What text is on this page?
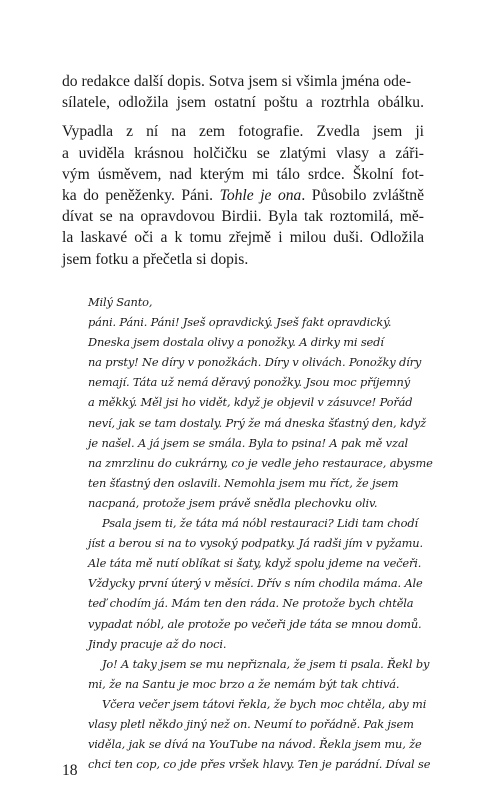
do redakce další dopis. Sotva jsem si všimla jména ode-
sílatele, odložila jsem ostatní poštu a roztrhla obálku.
Vypadla z ní na zem fotografie. Zvedla jsem ji
a uviděla krásnou holčičku se zlatými vlasy a záři-
vým úsměvem, nad kterým mi tálo srdce. Školní fot-
ka do peněženky. Páni. Tohle je ona. Působilo zvláštně
dívat se na opravdovou Birdii. Byla tak roztomilá, mě-
la laskavé oči a k tomu zřejmě i milou duši. Odložila
jsem fotku a přečetla si dopis.
Milý Santo,
páni. Páni. Páni! Jseš opravdický. Jseš fakt opravdický.
Dneska jsem dostala olivy a ponožky. A dirky mi sedí
na prsty! Ne díry v ponožkách. Díry v olivách. Ponožky díry
nemají. Táta už nemá děravý ponožky. Jsou moc příjemný
a měkký. Měl jsi ho vidět, když je objevil v zásuvce! Pořád
neví, jak se tam dostaly. Prý že má dneska šťastný den, když
je našel. A já jsem se smála. Byla to psina! A pak mě vzal
na zmrzlinu do cukrárny, co je vedle jeho restaurace, abysme
ten šťastný den oslavili. Nemohla jsem mu říct, že jsem
nacpaná, protože jsem právě snědla plechovku oliv.
Psala jsem ti, že táta má nóbl restauraci? Lidi tam chodí
jíst a berou si na to vysoký podpatky. Já radši jím v pyžamu.
Ale táta mě nutí oblíkat si šaty, když spolu jdeme na večeři.
Vždycky první úterý v měsíci. Dřív s ním chodila máma. Ale
teď chodím já. Mám ten den ráda. Ne protože bych chtěla
vypadat nóbl, ale protože po večeři jde táta se mnou domů.
Jindy pracuje až do noci.
Jo! A taky jsem se mu nepřiznala, že jsem ti psala. Řekl by
mi, že na Santu je moc brzo a že nemám být tak chtivá.
Včera večer jsem tátovi řekla, že bych moc chtěla, aby mi
vlasy pletl někdo jiný než on. Neumí to pořádně. Pak jsem
viděla, jak se dívá na YouTube na návod. Řekla jsem mu, že
chci ten cop, co jde přes vršek hlavy. Ten je parádní. Díval se
18
